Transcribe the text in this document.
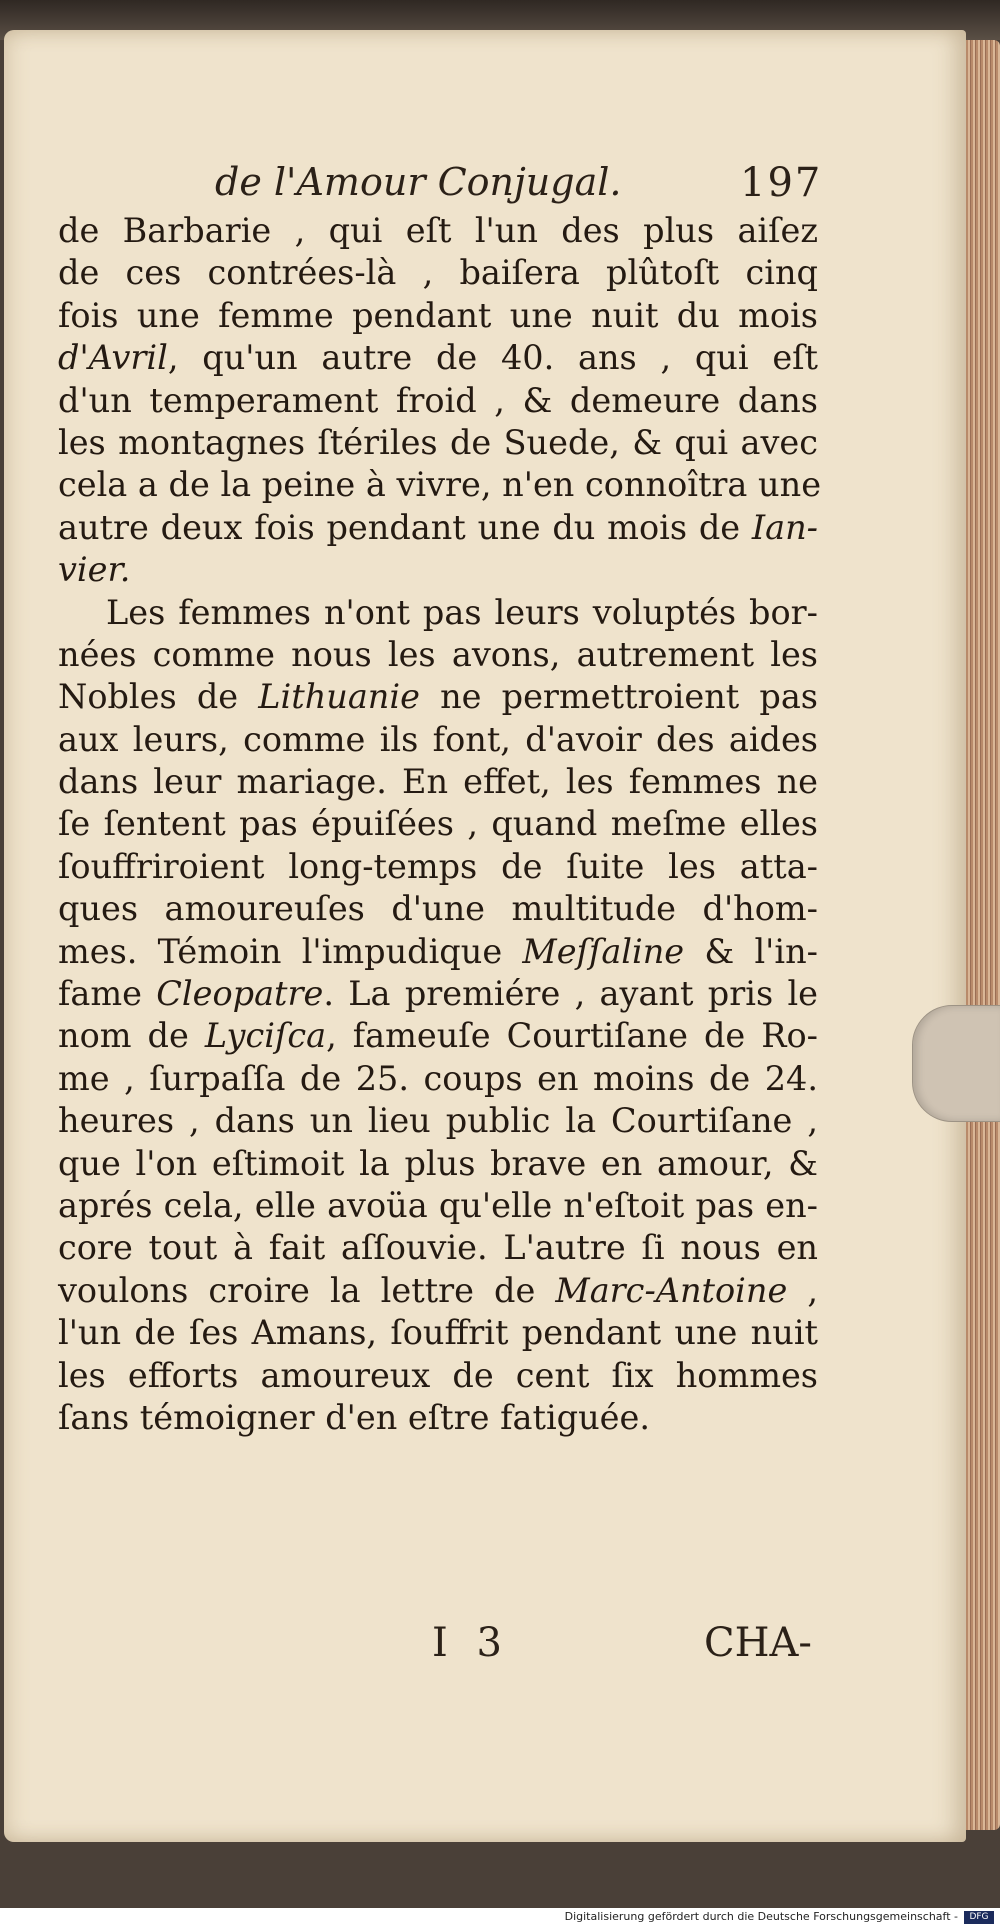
de l'Amour Conjugal.	197
de Barbarie , qui eſt l'un des plus aiſez
de ces contrées-là , baiſera plûtoſt cinq
fois une femme pendant une nuit du mois
d'Avril, qu'un autre de 40. ans , qui eſt
d'un temperament froid , & demeure dans
les montagnes ſtériles de Suede, & qui avec
cela a de la peine à vivre, n'en connoîtra une
autre deux fois pendant une du mois de Ian-
vier.
Les femmes n'ont pas leurs voluptés bor-
nées comme nous les avons, autrement les
Nobles de Lithuanie ne permettroient pas
aux leurs, comme ils font, d'avoir des aides
dans leur mariage. En effet, les femmes ne
ſe ſentent pas épuiſées , quand meſme elles
ſouffriroient long-temps de ſuite les atta-
ques amoureuſes d'une multitude d'hom-
mes. Témoin l'impudique Meſſaline & l'in-
fame Cleopatre. La premiére , ayant pris le
nom de Lyciſca, fameuſe Courtiſane de Ro-
me , ſurpaſſa de 25. coups en moins de 24.
heures , dans un lieu public la Courtiſane ,
que l'on eſtimoit la plus brave en amour, &
aprés cela, elle avoüa qu'elle n'eſtoit pas en-
core tout à fait aſſouvie. L'autre ſi nous en
voulons croire la lettre de Marc-Antoine ,
l'un de ſes Amans, ſouffrit pendant une nuit
les efforts amoureux de cent ſix hommes
ſans témoigner d'en eſtre fatiguée.
I 3	CHA-
Digitalisierung gefördert durch die Deutsche Forschungsgemeinschaft -	DFG
